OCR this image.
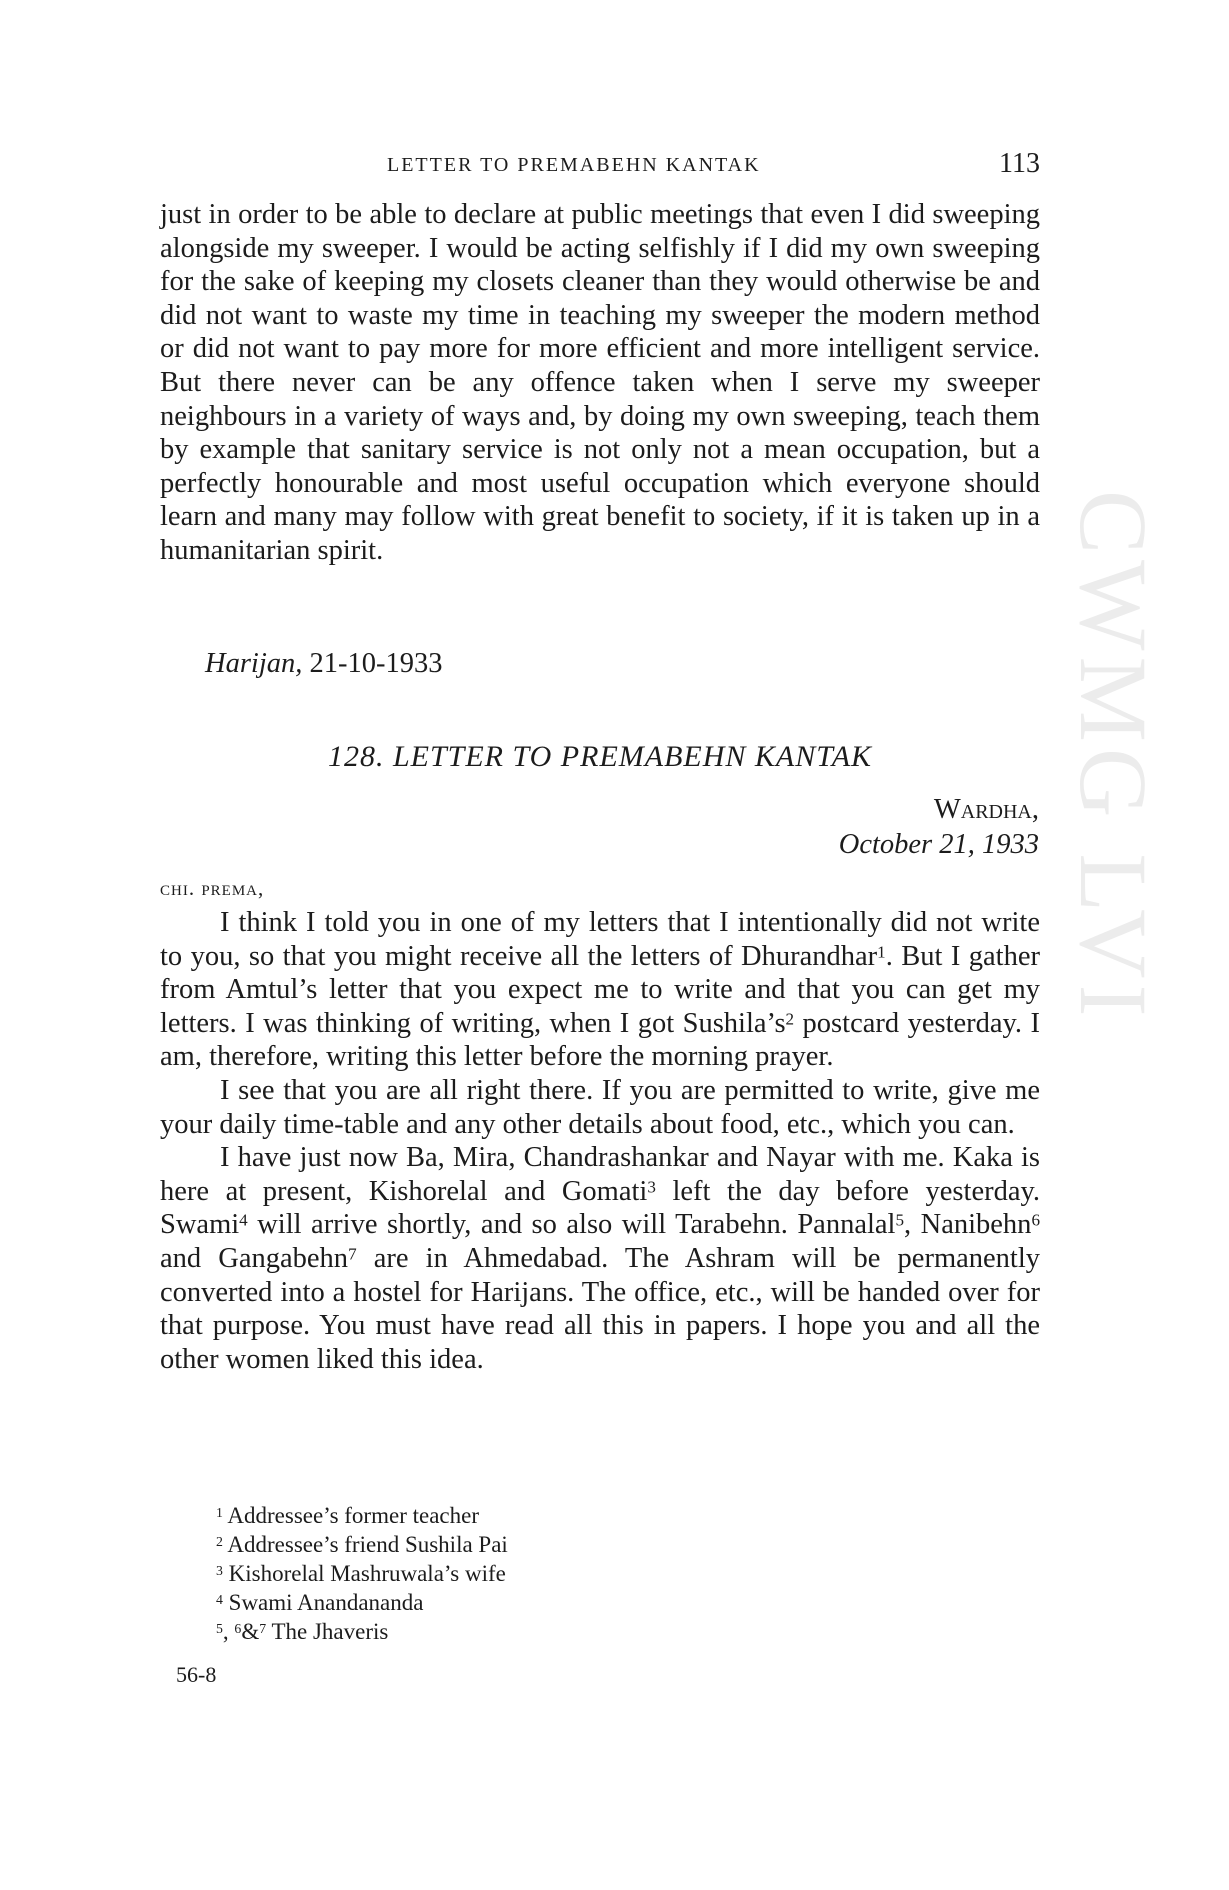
CWMG LVI
LETTER TO PREMABEHN KANTAK	113

just in order to be able to declare at public meetings that even I did sweeping alongside my sweeper. I would be acting selfishly if I did my own sweeping for the sake of keeping my closets cleaner than they would otherwise be and did not want to waste my time in teaching my sweeper the modern method or did not want to pay more for more efficient and more intelligent service. But there never can be any offence taken when I serve my sweeper neighbours in a variety of ways and, by doing my own sweeping, teach them by example that sanitary service is not only not a mean occupation, but a perfectly honourable and most useful occupation which everyone should learn and many may follow with great benefit to society, if it is taken up in a humanitarian spirit.

Harijan, 21-10-1933
128. LETTER TO PREMABEHN KANTAK
Wardha,
October 21, 1933
chi. prema,

I think I told you in one of my letters that I intentionally did not write to you, so that you might receive all the letters of Dhurandhar$^1$. But I gather from Amtul’s letter that you expect me to write and that you can get my letters. I was thinking of writing, when I got $Sushila’s^2$ postcard yesterday. I am, therefore, writing this letter before the morning prayer.

I see that you are all right there. If you are permitted to write, give me your daily time-table and any other details about food, etc., which you can.

I have just now Ba, Mira, Chandrashankar and Nayar with me. Kaka is here at present, Kishorelal and Gomati$^3$ left the day before yesterday. Swami$^4$ will arrive shortly, and so also will Tarabehn. Pannalal$^5$, Nanibehn$^6$ and Gangabehn$^7$ are in Ahmedabad. The Ashram will be permanently converted into a hostel for Harijans. The office, etc., will be handed over for that purpose. You must have read all this in papers. I hope you and all the other women liked this idea.

$^1$ Addressee’s former teacher
$^2$ Addressee’s friend Sushila Pai
$^3$ Kishorelal Mashruwala’s wife
$^4$ Swami Anandananda
$^5$, $^6$&$^7$ The Jhaveris
56-8
